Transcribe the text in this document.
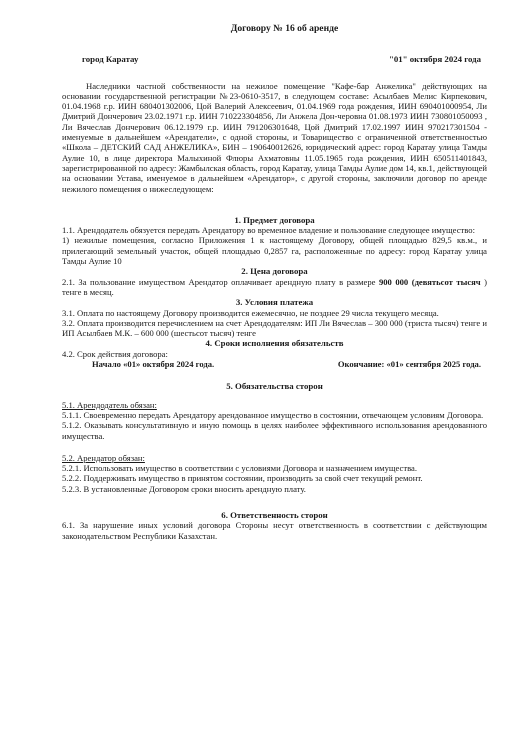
Договору № 16 об аренде
город Каратау	"01" октября 2024 года

Наследники частной собственности на нежилое помещение "Кафе-бар Анжелика" действующих на основании государственной регистрации №23-0610-3517, в следующем составе: Асылбаев Мелис Кирпекович, 01.04.1968 г.р. ИИН 680401302006, Цой Валерий Алексеевич, 01.04.1969 года рождения, ИИН 690401000954, Ли Дмитрий Дончерович 23.02.1971 г.р. ИИН 710223304856, Ли Анжела Дон-черовна 01.08.1973 ИИН 730801050093 , Ли Вячеслав Дончерович 06.12.1979 г.р. ИИН 791206301648, Цой Дмитрий 17.02.1997 ИИН 970217301504 - именуемые в дальнейшем «Арендатели», с одной стороны, и Товарищество с ограниченной ответственностью «Школа – ДЕТСКИЙ САД АНЖЕЛИКА», БИН – 190640012626, юридический адрес: город Каратау улица Тамды Аулие 10, в лице директора Малыхиной Флюры Ахматовны 11.05.1965 года рождения, ИИН 650511401843, зарегистрированной по адресу: Жамбылская область, город Каратау, улица Тамды Аулие дом 14, кв.1, действующей на основании Устава, именуемое в дальнейшем «Арендатор», с другой стороны, заключили договор по аренде нежилого помещения о нижеследующем:

1. Предмет договора

1.1. Арендодатель обязуется передать Арендатору во временное владение и пользование следующее имущество:

1) нежилые помещения, согласно Приложения 1 к настоящему Договору, общей площадью 829,5 кв.м., и прилегающий земельный участок, общей площадью 0,2857 га, расположенные по адресу: город Каратау улица Тамды Аулие 10

2. Цена договора

2.1. За пользование имуществом Арендатор оплачивает арендную плату в размере 900 000 (девятьсот тысяч ) тенге в месяц.

3. Условия платежа

3.1. Оплата по настоящему Договору производится ежемесячно, не позднее 29 числа текущего месяца.

3.2. Оплата производится перечислением на счет Арендодателям: ИП Ли Вячеслав – 300 000 (триста тысяч) тенге и ИП Асылбаев М.К. – 600 000 (шестьсот тысяч) тенге

4. Сроки исполнения обязательств

4.2. Срок действия договора:

Начало «01» октября 2024 года.	Окончание: «01» сентября 2025 года.
5. Обязательства сторон

5.1. Арендодатель обязан:

5.1.1. Своевременно передать Арендатору арендованное имущество в состоянии, отвечающем условиям Договора.

5.1.2. Оказывать консультативную и иную помощь в целях наиболее эффективного использования арендованного имущества.

5.2. Арендатор обязан:

5.2.1. Использовать имущество в соответствии с условиями Договора и назначением имущества.

5.2.2. Поддерживать имущество в принятом состоянии, производить за свой счет текущий ремонт.

5.2.3. В установленные Договором сроки вносить арендную плату.

6. Ответственность сторон

6.1. За нарушение иных условий договора Стороны несут ответственность в соответствии с действующим законодательством Республики Казахстан.
